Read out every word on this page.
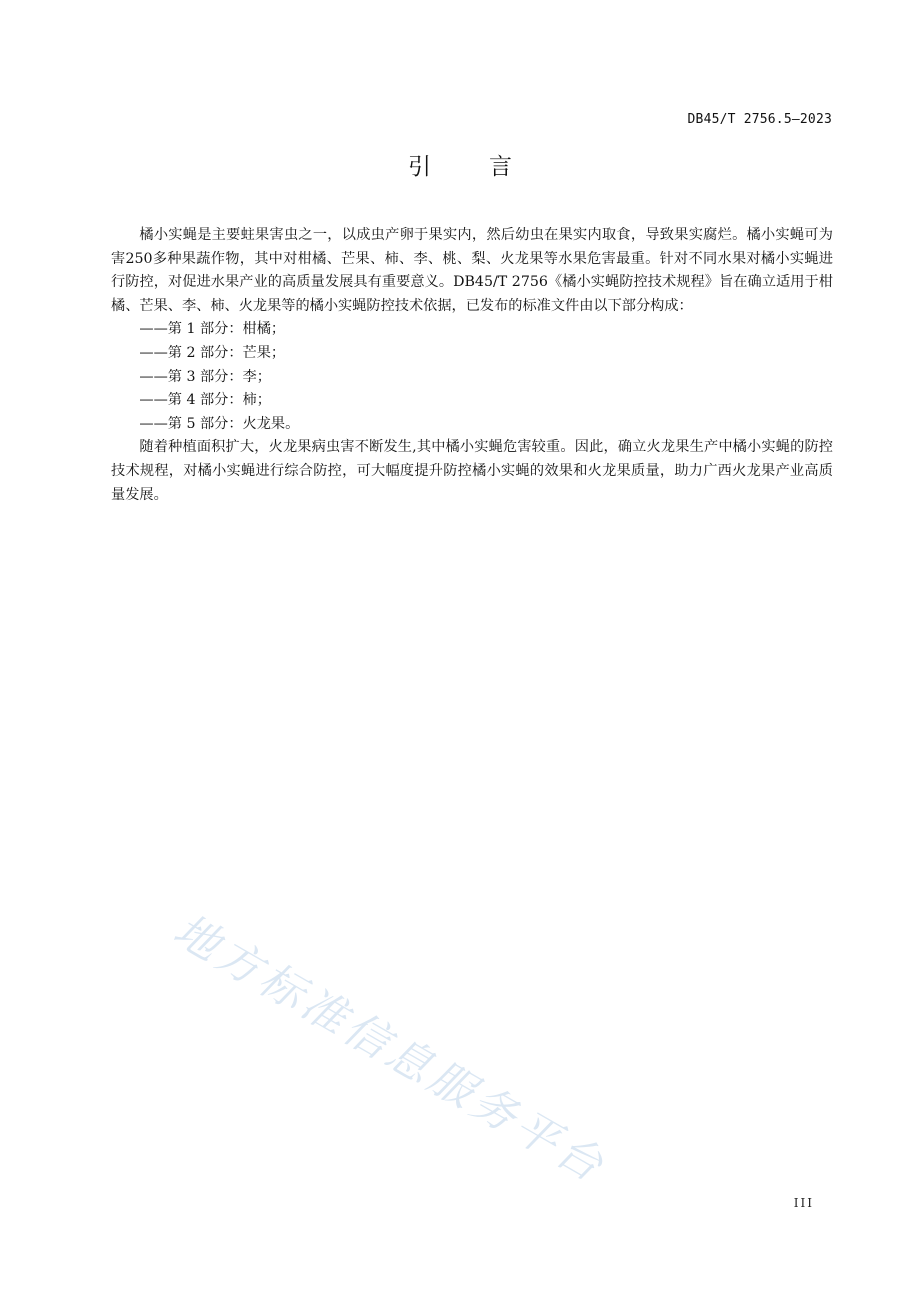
DB45/T 2756.5—2023
引言

橘小实蝇是主要蛀果害虫之一，以成虫产卵于果实内，然后幼虫在果实内取食，导致果实腐烂。橘小实蝇可为害250多种果蔬作物，其中对柑橘、芒果、柿、李、桃、梨、火龙果等水果危害最重。针对不同水果对橘小实蝇进行防控，对促进水果产业的高质量发展具有重要意义。DB45/T 2756《橘小实蝇防控技术规程》旨在确立适用于柑橘、芒果、李、柿、火龙果等的橘小实蝇防控技术依据，已发布的标准文件由以下部分构成：

——第 1 部分：柑橘；
——第 2 部分：芒果；
——第 3 部分：李；
——第 4 部分：柿；
——第 5 部分：火龙果。

随着种植面积扩大，火龙果病虫害不断发生,其中橘小实蝇危害较重。因此，确立火龙果生产中橘小实蝇的防控技术规程，对橘小实蝇进行综合防控，可大幅度提升防控橘小实蝇的效果和火龙果质量，助力广西火龙果产业高质量发展。

地方标准信息服务平台
III
